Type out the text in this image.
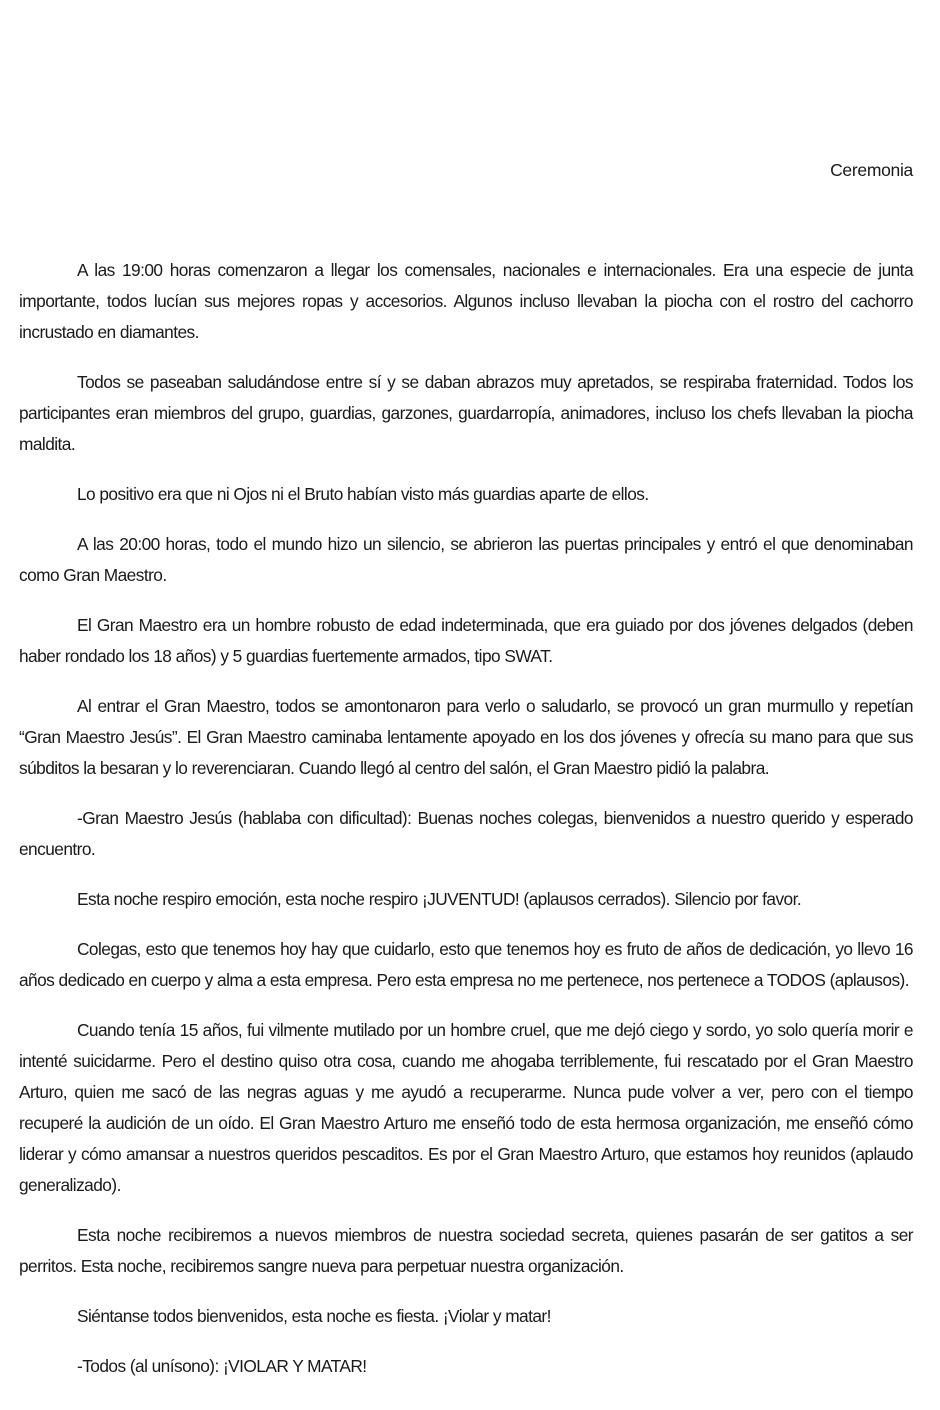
Ceremonia

A las 19:00 horas comenzaron a llegar los comensales, nacionales e internacionales. Era una especie de junta importante, todos lucían sus mejores ropas y accesorios. Algunos incluso llevaban la piocha con el rostro del cachorro incrustado en diamantes.

Todos se paseaban saludándose entre sí y se daban abrazos muy apretados, se respiraba fraternidad. Todos los participantes eran miembros del grupo, guardias, garzones, guardarropía, animadores, incluso los chefs llevaban la piocha maldita.

Lo positivo era que ni Ojos ni el Bruto habían visto más guardias aparte de ellos.

A las 20:00 horas, todo el mundo hizo un silencio, se abrieron las puertas principales y entró el que denominaban como Gran Maestro.

El Gran Maestro era un hombre robusto de edad indeterminada, que era guiado por dos jóvenes delgados (deben haber rondado los 18 años) y 5 guardias fuertemente armados, tipo SWAT.

Al entrar el Gran Maestro, todos se amontonaron para verlo o saludarlo, se provocó un gran murmullo y repetían “Gran Maestro Jesús”. El Gran Maestro caminaba lentamente apoyado en los dos jóvenes y ofrecía su mano para que sus súbditos la besaran y lo reverenciaran. Cuando llegó al centro del salón, el Gran Maestro pidió la palabra.

-Gran Maestro Jesús (hablaba con dificultad): Buenas noches colegas, bienvenidos a nuestro querido y esperado encuentro.

Esta noche respiro emoción, esta noche respiro ¡JUVENTUD! (aplausos cerrados). Silencio por favor.

Colegas, esto que tenemos hoy hay que cuidarlo, esto que tenemos hoy es fruto de años de dedicación, yo llevo 16 años dedicado en cuerpo y alma a esta empresa. Pero esta empresa no me pertenece, nos pertenece a TODOS (aplausos).

Cuando tenía 15 años, fui vilmente mutilado por un hombre cruel, que me dejó ciego y sordo, yo solo quería morir e intenté suicidarme. Pero el destino quiso otra cosa, cuando me ahogaba terriblemente, fui rescatado por el Gran Maestro Arturo, quien me sacó de las negras aguas y me ayudó a recuperarme. Nunca pude volver a ver, pero con el tiempo recuperé la audición de un oído. El Gran Maestro Arturo me enseñó todo de esta hermosa organización, me enseñó cómo liderar y cómo amansar a nuestros queridos pescaditos. Es por el Gran Maestro Arturo, que estamos hoy reunidos (aplaudo generalizado).

Esta noche recibiremos a nuevos miembros de nuestra sociedad secreta, quienes pasarán de ser gatitos a ser perritos. Esta noche, recibiremos sangre nueva para perpetuar nuestra organización.

Siéntanse todos bienvenidos, esta noche es fiesta. ¡Violar y matar!

-Todos (al unísono): ¡VIOLAR Y MATAR!
